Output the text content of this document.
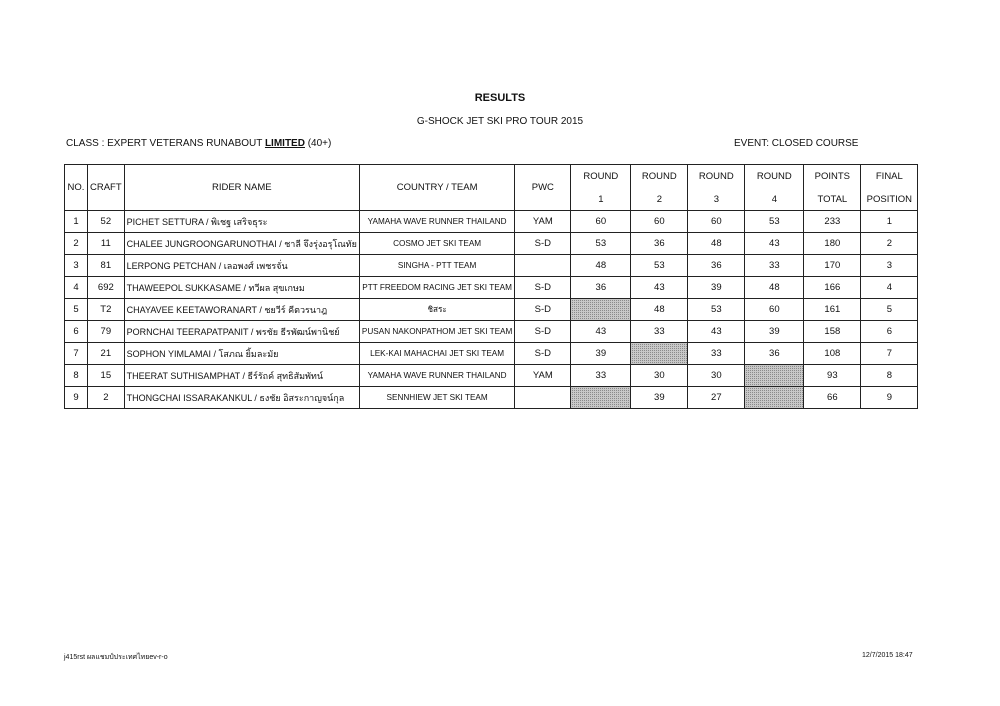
RESULTS
G-SHOCK JET SKI PRO TOUR 2015
CLASS : EXPERT VETERANS RUNABOUT LIMITED (40+)	EVENT: CLOSED COURSE
NO.	CRAFT	RIDER NAME	COUNTRY / TEAM	PWC	ROUND	ROUND	ROUND	ROUND	POINTS	FINAL
					1	2	3	4	TOTAL	POSITION
1	52	PICHET SETTURA / พิเชฐ เสริจธุระ	YAMAHA WAVE RUNNER THAILAND	YAM	60	60	60	53	233	1
2	11	CHALEE JUNGROONGARUNOTHAI / ชาลี จึงรุ่งอรุโณทัย	COSMO JET SKI TEAM	S-D	53	36	48	43	180	2
3	81	LERPONG PETCHAN / เลอพงศ์ เพชรจั่น	SINGHA - PTT TEAM		48	53	36	33	170	3
4	692	THAWEEPOL SUKKASAME / ทวีผล สุขเกษม	PTT FREEDOM RACING JET SKI TEAM	S-D	36	43	39	48	166	4
5	T2	CHAYAVEE KEETAWORANART / ชยวีร์ คีตวรนาฎ	ชิสระ	S-D		48	53	60	161	5
6	79	PORNCHAI TEERAPATPANIT / พรชัย ธีรพัฒน์พานิชย์	PUSAN NAKONPATHOM JET SKI TEAM	S-D	43	33	43	39	158	6
7	21	SOPHON YIMLAMAI / โสภณ ยิ้มละมัย	LEK-KAI MAHACHAI JET SKI TEAM	S-D	39		33	36	108	7
8	15	THEERAT SUTHISAMPHAT / ธีร์รัถค์ สุทธิสัมพัทน์	YAMAHA WAVE RUNNER THAILAND	YAM	33	30	30		93	8
9	2	THONGCHAI ISSARAKANKUL / ธงชัย อิสระกาญจน์กุล	SENNHIEW JET SKI TEAM			39	27		66	9
j415rst ผลแชมป์ประเทศไทยev-r-o	12/7/2015 18:47
